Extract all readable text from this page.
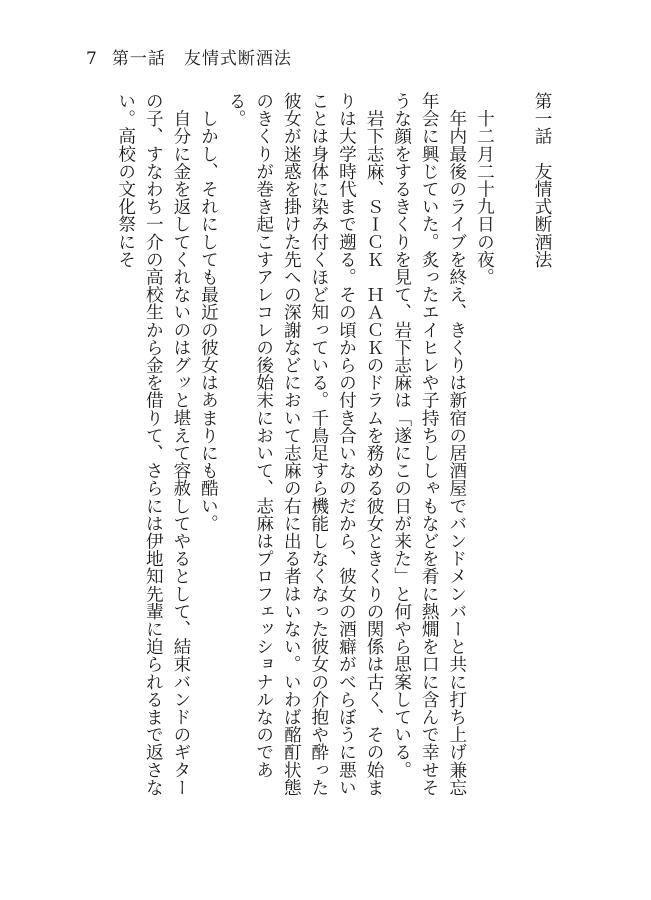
7 第一話　友情式断酒法
第一話　友情式断酒法

　十二月二十九日の夜。

　年内最後のライブを終え、きくりは新宿の居酒屋でバンドメンバーと共に打ち上げ兼忘年会に興じていた。炙ったエイヒレや子持ちししゃもなどを肴に熱燗を口に含んで幸せそうな顔をするきくりを見て、岩下志麻は「遂にこの日が来た」と何やら思案している。

　岩下志麻、ＳＩＣＫ　ＨＡＣＫのドラムを務める彼女ときくりの関係は古く、その始まりは大学時代まで遡る。その頃からの付き合いなのだから、彼女の酒癖がべらぼうに悪いことは身体に染み付くほど知っている。千鳥足すら機能しなくなった彼女の介抱や酔った彼女が迷惑を掛けた先への深謝などにおいて志麻の右に出る者はいない。いわば酩酊状態のきくりが巻き起こすアレコレの後始末において、志麻はプロフェッショナルなのである。

　しかし、それにしても最近の彼女はあまりにも酷い。

　自分に金を返してくれないのはグッと堪えて容赦してやるとして、結束バンドのギターの子、すなわち一介の高校生から金を借りて、さらには伊地知先輩に迫られるまで返さない。高校の文化祭にそ
